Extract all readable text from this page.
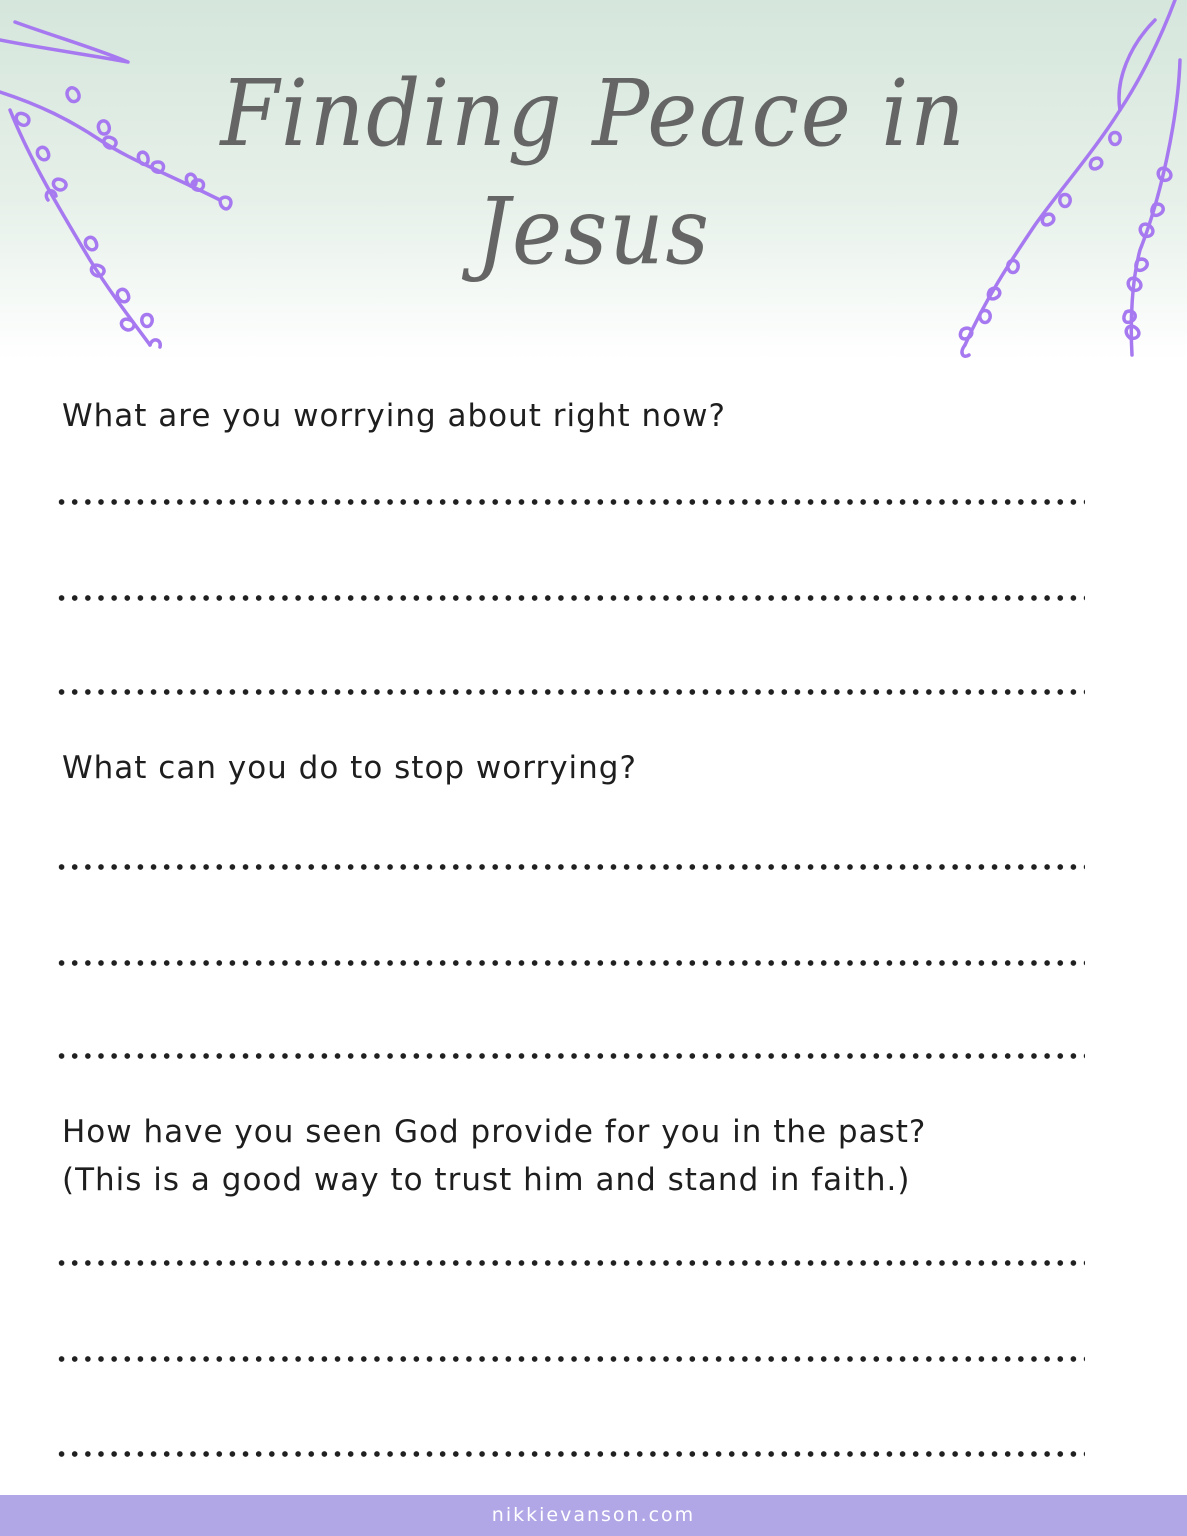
Finding Peace in
Jesus
What are you worrying about right now?
What can you do to stop worrying?
How have you seen God provide for you in the past?
(This is a good way to trust him and stand in faith.)
nikkievanson.com
